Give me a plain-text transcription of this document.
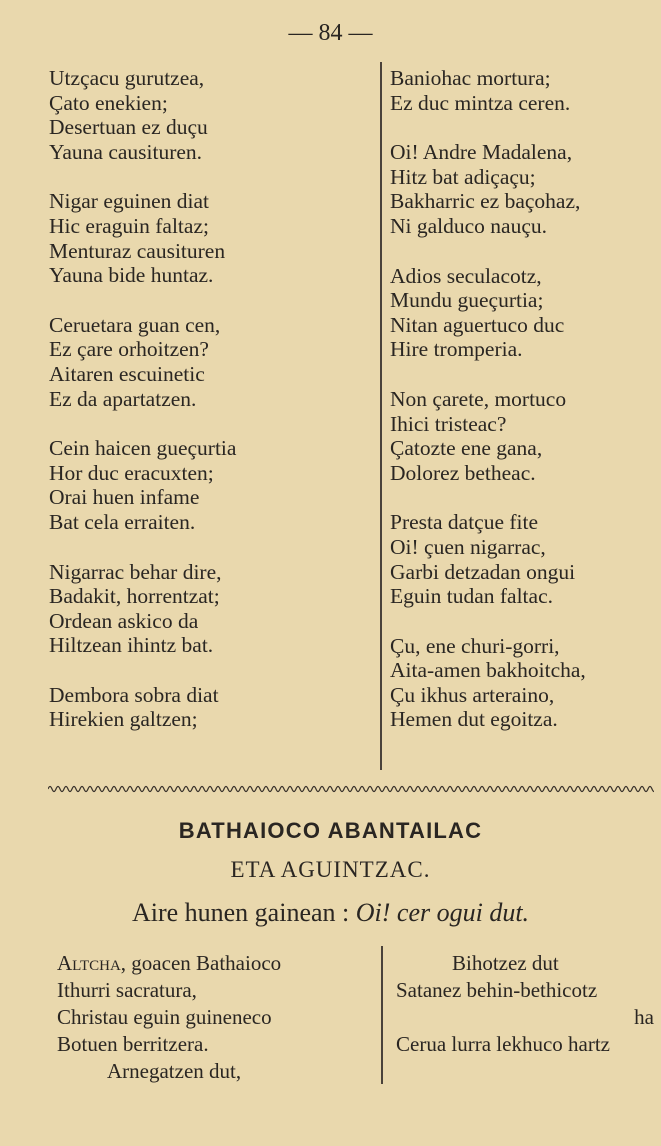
— 84 —
Utzçacu gurutzea,
Çato enekien;
Desertuan ez duçu
Yauna causituren.
Nigar eguinen diat
Hic eraguin faltaz;
Menturaz causituren
Yauna bide huntaz.
Ceruetara guan cen,
Ez çare orhoitzen?
Aitaren escuinetic
Ez da apartatzen.
Cein haicen gueçurtia
Hor duc eracuxten;
Orai huen infame
Bat cela erraiten.
Nigarrac behar dire,
Badakit, horrentzat;
Ordean askico da
Hiltzean ihintz bat.
Dembora sobra diat
Hirekien galtzen;
Baniohac mortura;
Ez duc mintza ceren.
Oi! Andre Madalena,
Hitz bat adiçaçu;
Bakharric ez baçohaz,
Ni galduco nauçu.
Adios seculacotz,
Mundu gueçurtia;
Nitan aguertuco duc
Hire tromperia.
Non çarete, mortuco
Ihici tristeac?
Çatozte ene gana,
Dolorez betheac.
Presta datçue fite
Oi! çuen nigarrac,
Garbi detzadan ongui
Eguin tudan faltac.
Çu, ene churi-gorri,
Aita-amen bakhoitcha,
Çu ikhus arteraino,
Hemen dut egoitza.
BATHAIOCO ABANTAILAC
ETA AGUINTZAC.
Aire hunen gainean : Oi! cer ogui dut.
Altcha, goacen Bathaioco
Ithurri sacratura,
Christau eguin guineneco
Botuen berritzera.
Arnegatzen dut,
Bihotzez dut
Satanez behin-bethicotz
ha
Cerua lurra lekhuco hartz
